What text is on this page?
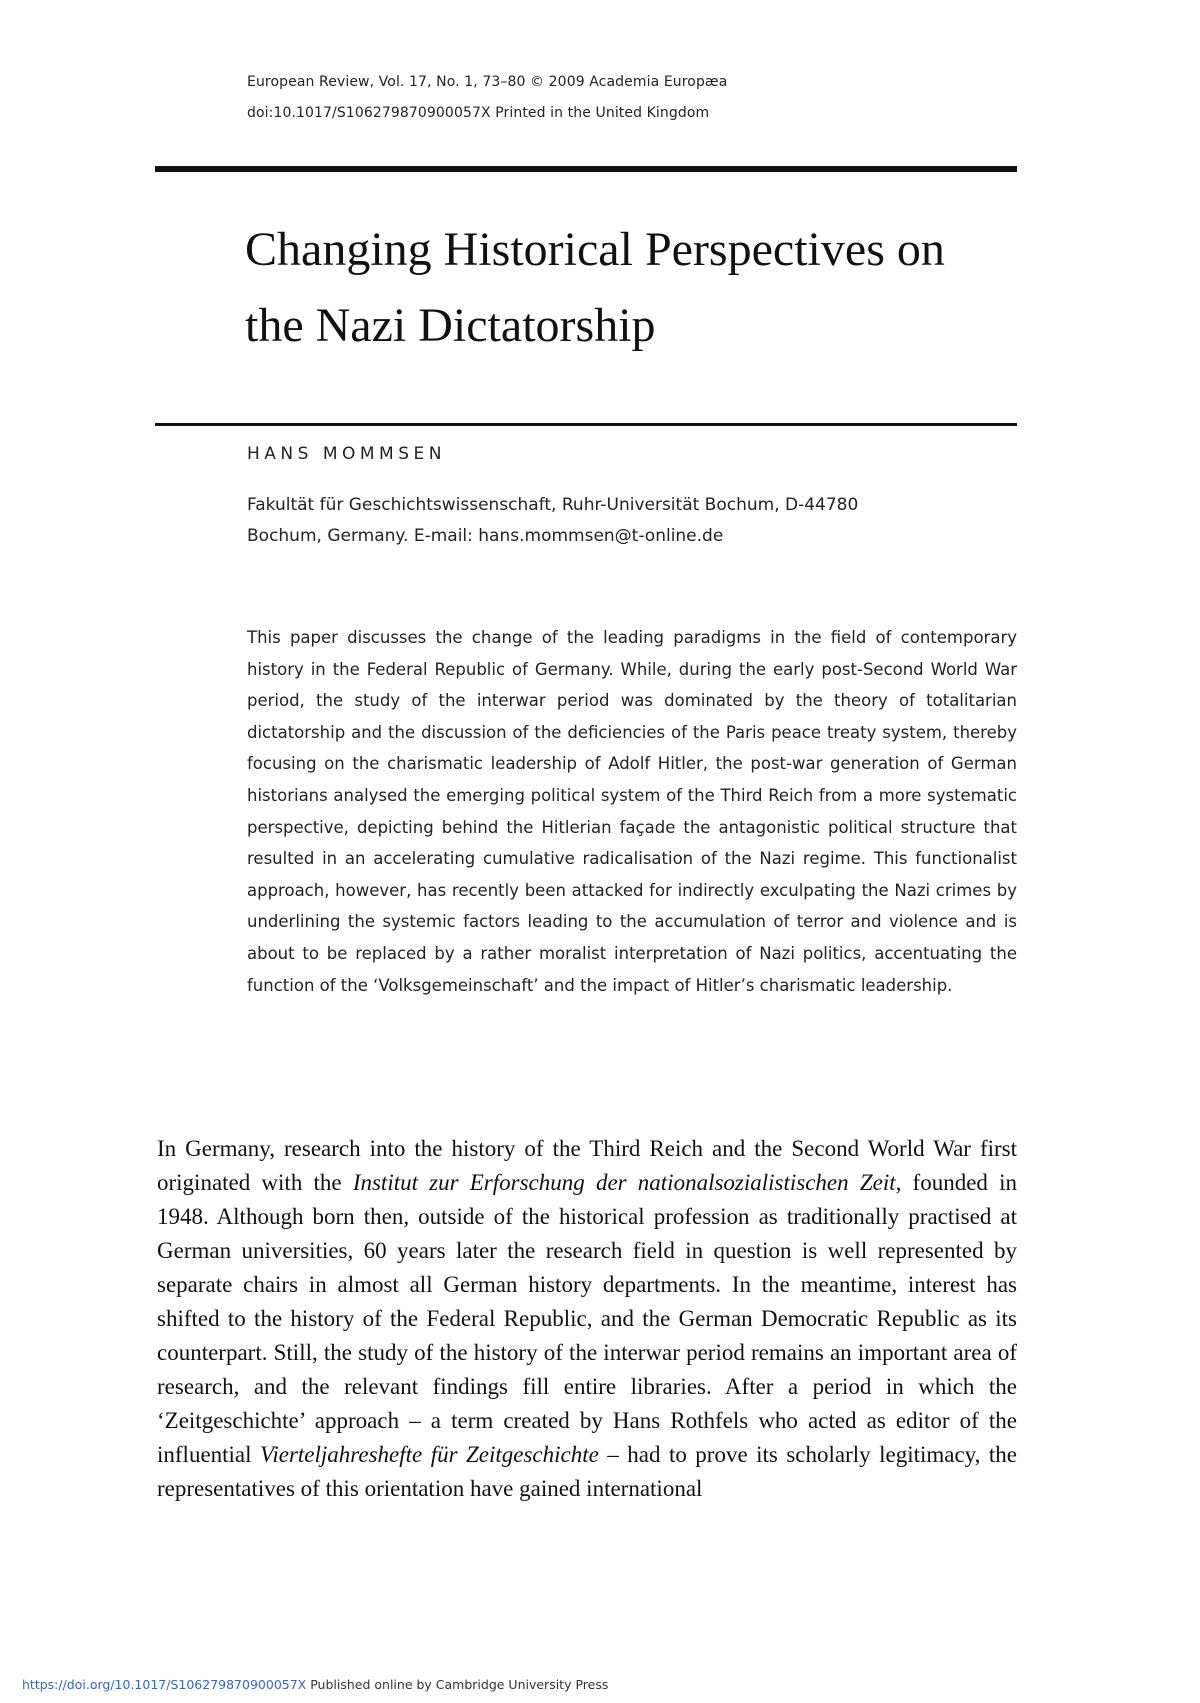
European Review, Vol. 17, No. 1, 73–80 © 2009 Academia Europæa
doi:10.1017/S106279870900057X Printed in the United Kingdom
Changing Historical Perspectives on
the Nazi Dictatorship
HANS MOMMSEN
Fakultät für Geschichtswissenschaft, Ruhr-Universität Bochum, D-44780
Bochum, Germany. E-mail: hans.mommsen@t-online.de

This paper discusses the change of the leading paradigms in the field of contemporary history in the Federal Republic of Germany. While, during the early post-Second World War period, the study of the interwar period was dominated by the theory of totalitarian dictatorship and the discussion of the deficiencies of the Paris peace treaty system, thereby focusing on the charismatic leadership of Adolf Hitler, the post-war generation of German historians analysed the emerging political system of the Third Reich from a more systematic perspective, depicting behind the Hitlerian façade the antagonistic political structure that resulted in an accelerating cumulative radicalisation of the Nazi regime. This functionalist approach, however, has recently been attacked for indirectly exculpating the Nazi crimes by underlining the systemic factors leading to the accumulation of terror and violence and is about to be replaced by a rather moralist interpretation of Nazi politics, accentuating the function of the ‘Volksgemeinschaft’ and the impact of Hitler’s charismatic leadership.

In Germany, research into the history of the Third Reich and the Second World War first originated with the Institut zur Erforschung der nationalsozialistischen Zeit, founded in 1948. Although born then, outside of the historical profession as traditionally practised at German universities, 60 years later the research field in question is well represented by separate chairs in almost all German history departments. In the meantime, interest has shifted to the history of the Federal Republic, and the German Democratic Republic as its counterpart. Still, the study of the history of the interwar period remains an important area of research, and the relevant findings fill entire libraries. After a period in which the ‘Zeitgeschichte’ approach – a term created by Hans Rothfels who acted as editor of the influential Vierteljahreshefte für Zeitgeschichte – had to prove its scholarly legitimacy, the representatives of this orientation have gained international

https://doi.org/10.1017/S106279870900057X Published online by Cambridge University Press
